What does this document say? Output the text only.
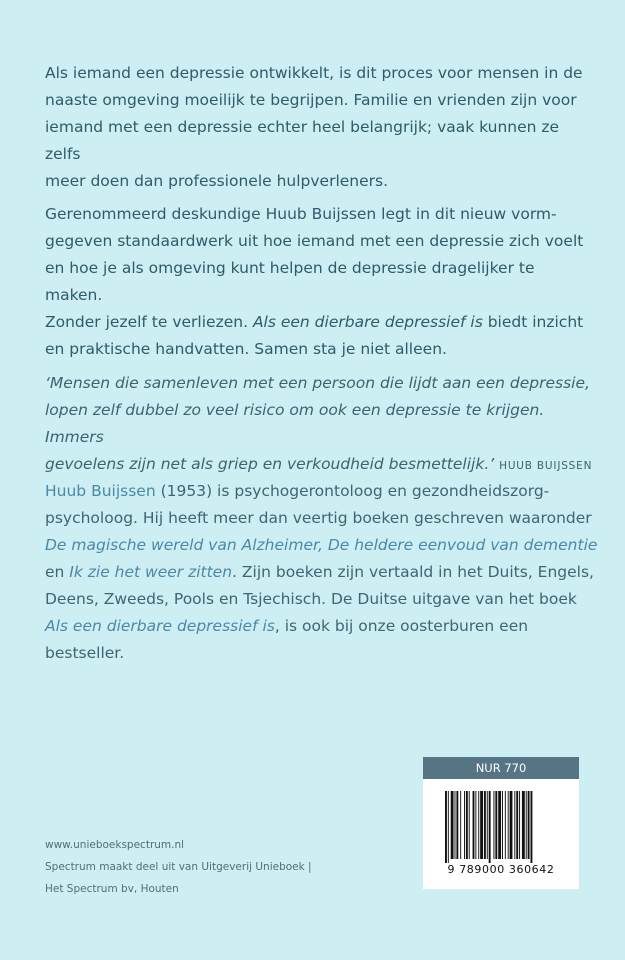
Als iemand een depressie ontwikkelt, is dit proces voor mensen in de
naaste omgeving moeilijk te begrijpen. Familie en vrienden zijn voor
iemand met een depressie echter heel belangrijk; vaak kunnen ze zelfs
meer doen dan professionele hulpverleners.
Gerenommeerd deskundige Huub Buijssen legt in dit nieuw vorm-
gegeven standaardwerk uit hoe iemand met een depressie zich voelt
en hoe je als omgeving kunt helpen de depressie dragelijker te maken.
Zonder jezelf te verliezen. Als een dierbare depressief is biedt inzicht
en praktische handvatten. Samen sta je niet alleen.
‘Mensen die samenleven met een persoon die lijdt aan een depressie,
lopen zelf dubbel zo veel risico om ook een depressie te krijgen. Immers
gevoelens zijn net als griep en verkoudheid besmettelijk.’ HUUB BUIJSSEN
Huub Buijssen (1953) is psychogerontoloog en gezondheidszorg-
psycholoog. Hij heeft meer dan veertig boeken geschreven waaronder
De magische wereld van Alzheimer, De heldere eenvoud van dementie
en Ik zie het weer zitten. Zijn boeken zijn vertaald in het Duits, Engels,
Deens, Zweeds, Pools en Tsjechisch. De Duitse uitgave van het boek
Als een dierbare depressief is, is ook bij onze oosterburen een bestseller.
NUR 770
9 789000 360642
www.unieboekspectrum.nl
Spectrum maakt deel uit van Uitgeverij Unieboek |
Het Spectrum bv, Houten
